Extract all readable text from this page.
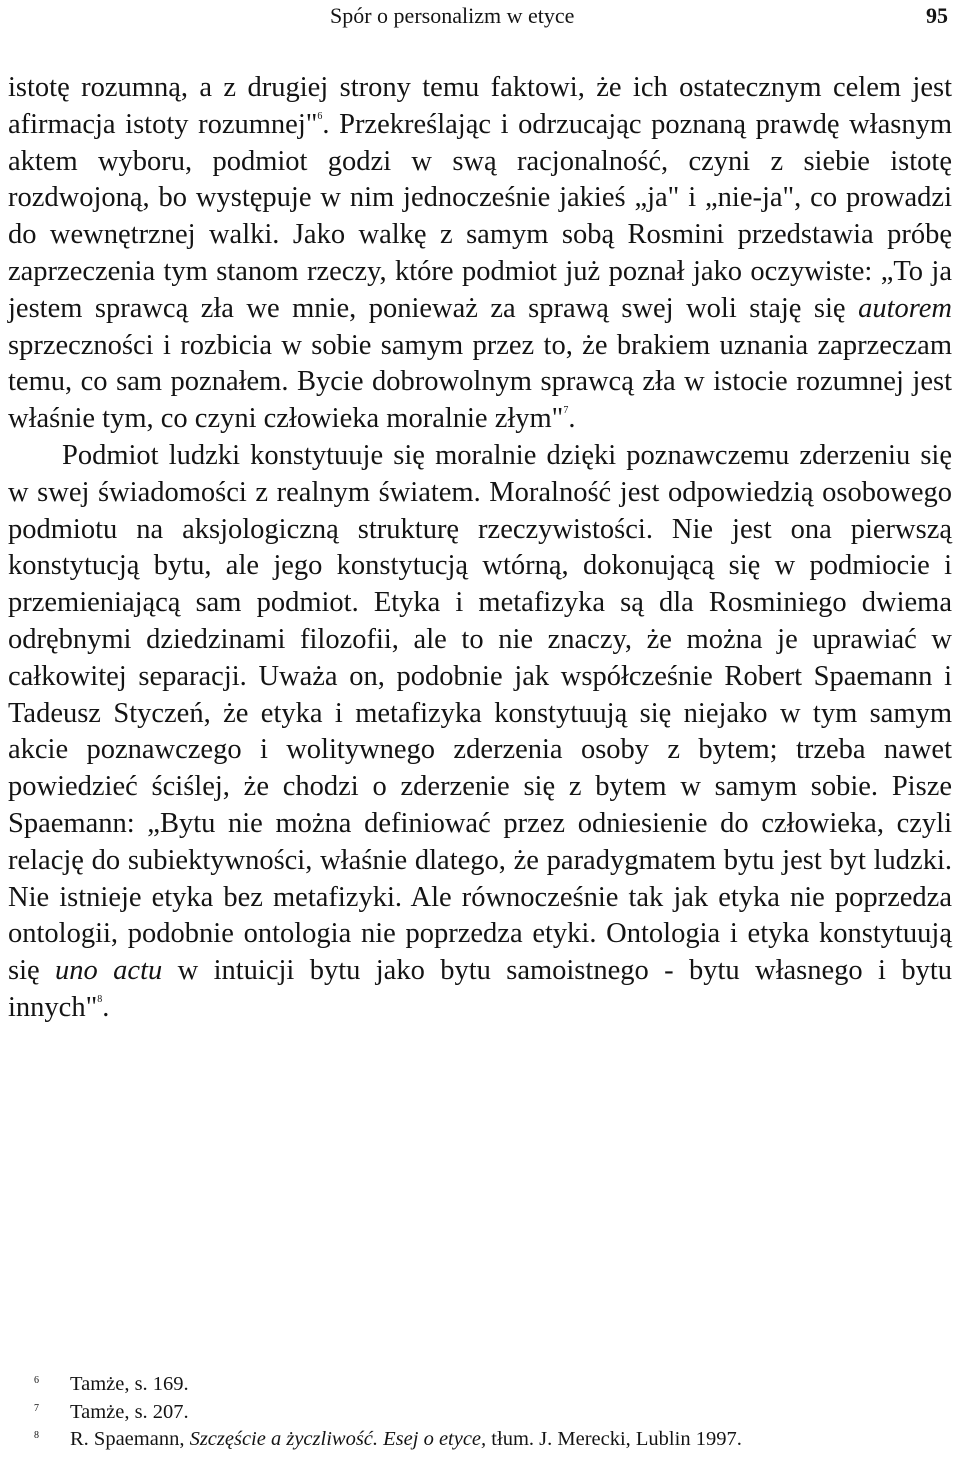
Spór o personalizm w etyce	95

istotę rozumną, a z drugiej strony temu faktowi, że ich ostatecznym celem jest afirmacja istoty rozumnej"$^6$. Przekreślając i odrzucając poznaną prawdę własnym aktem wyboru, podmiot godzi w swą racjonalność, czyni z siebie istotę rozdwojoną, bo występuje w nim jednocześnie jakieś „ja" i „nie-ja", co prowadzi do wewnętrznej walki. Jako walkę z samym sobą Rosmini przedstawia próbę zaprzeczenia tym stanom rzeczy, które podmiot już poznał jako oczywiste: „To ja jestem sprawcą zła we mnie, ponieważ za sprawą swej woli staję się autorem sprzeczności i rozbicia w sobie samym przez to, że brakiem uznania zaprzeczam temu, co sam poznałem. Bycie dobrowolnym sprawcą zła w istocie rozumnej jest właśnie tym, co czyni człowieka moralnie złym"$^7$.

Podmiot ludzki konstytuuje się moralnie dzięki poznawczemu zderzeniu się w swej świadomości z realnym światem. Moralność jest odpowiedzią osobowego podmiotu na aksjologiczną strukturę rzeczywistości. Nie jest ona pierwszą konstytucją bytu, ale jego konstytucją wtórną, dokonującą się w podmiocie i przemieniającą sam podmiot. Etyka i metafizyka są dla Rosminiego dwiema odrębnymi dziedzinami filozofii, ale to nie znaczy, że można je uprawiać w całkowitej separacji. Uważa on, podobnie jak współcześnie Robert Spaemann i Tadeusz Styczeń, że etyka i metafizyka konstytuują się niejako w tym samym akcie poznawczego i wolitywnego zderzenia osoby z bytem; trzeba nawet powiedzieć ściślej, że chodzi o zderzenie się z bytem w samym sobie. Pisze Spaemann: „Bytu nie można definiować przez odniesienie do człowieka, czyli relację do subiektywności, właśnie dlatego, że paradygmatem bytu jest byt ludzki. Nie istnieje etyka bez metafizyki. Ale równocześnie tak jak etyka nie poprzedza ontologii, podobnie ontologia nie poprzedza etyki. Ontologia i etyka konstytuują się uno actu w intuicji bytu jako bytu samoistnego - bytu własnego i bytu innych"$^8$.

6 Tamże, s. 169.
7 Tamże, s. 207.
8 R. Spaemann, Szczęście a życzliwość. Esej o etyce, tłum. J. Merecki, Lublin 1997.
